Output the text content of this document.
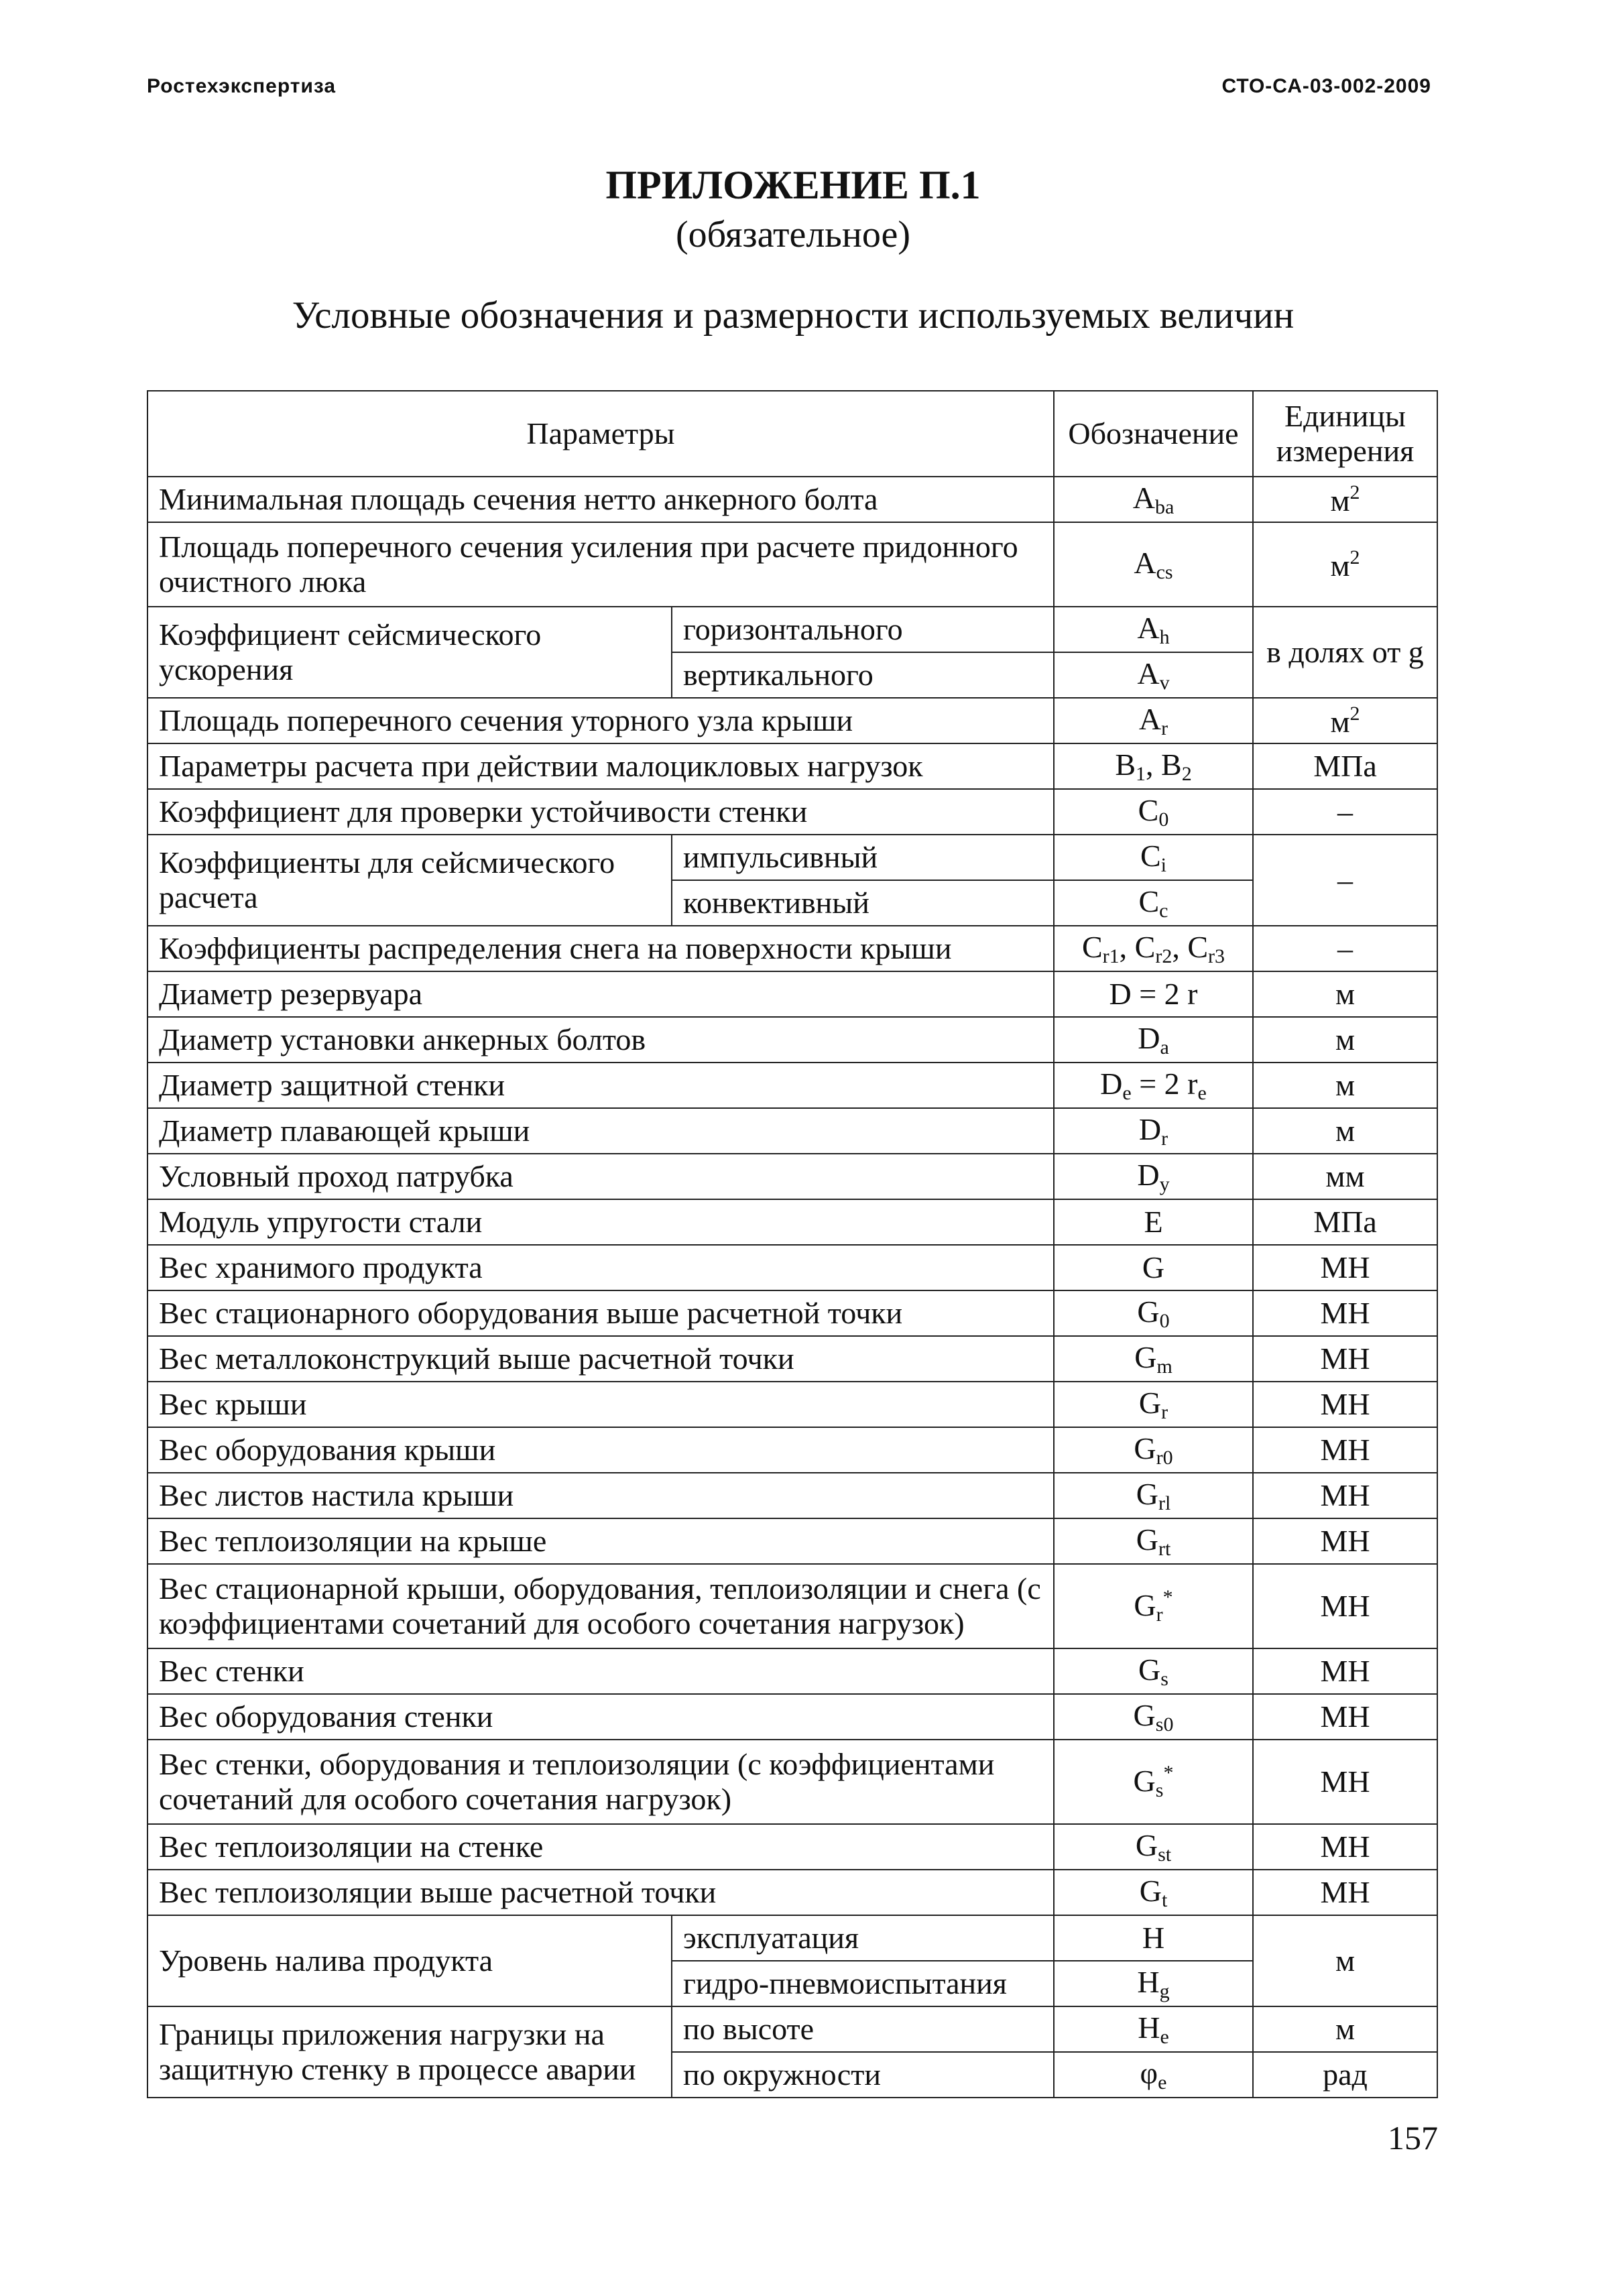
Ростехэкспертиза	СТО-СА-03-002-2009
ПРИЛОЖЕНИЕ П.1
(обязательное)
Условные обозначения и размерности используемых величин
Параметры		Обозначение	Единицы измерения
Минимальная площадь сечения нетто анкерного болта		$A_{ba}$	$м^2$
Площадь поперечного сечения усиления при расчете придонного очистного люка		$A_{cs}$	$м^2$
Коэффициент сейсмического ускорения	горизонтального	$A_h$	в долях от g
	вертикального	$A_v$
Площадь поперечного сечения уторного узла крыши		$A_r$	$м^2$
Параметры расчета при действии малоцикловых нагрузок		$B_1$, $B_2$	МПа
Коэффициент для проверки устойчивости стенки		$C_0$	–
Коэффициенты для сейсмического расчета	импульсивный	$C_i$	–
	конвективный	$C_c$
Коэффициенты распределения снега на поверхности крыши		$C_{r1}$, $C_{r2}$, $C_{r3}$	–
Диаметр резервуара		D = 2 r	м
Диаметр установки анкерных болтов		$D_a$	м
Диаметр защитной стенки		$D_e = 2$ $r_e$	м
Диаметр плавающей крыши		$D_r$	м
Условный проход патрубка		$D_y$	мм
Модуль упругости стали		E	МПа
Вес хранимого продукта		G	МН
Вес стационарного оборудования выше расчетной точки		$G_0$	МН
Вес металлоконструкций выше расчетной точки		$G_m$	МН
Вес крыши		$G_r$	МН
Вес оборудования крыши		$G_{r0}$	МН
Вес листов настила крыши		$G_{rl}$	МН
Вес теплоизоляции на крыше		$G_{rt}$	МН
Вес стационарной крыши, оборудования, теплоизоляции и снега (с коэффициентами сочетаний для особого сочетания нагрузок)		$G_r^*$	МН
Вес стенки		$G_s$	МН
Вес оборудования стенки		$G_{s0}$	МН
Вес стенки, оборудования и теплоизоляции (с коэффициентами сочетаний для особого сочетания нагрузок)		$G_s^*$	МН
Вес теплоизоляции на стенке		$G_{st}$	МН
Вес теплоизоляции выше расчетной точки		$G_t$	МН
Уровень налива продукта	эксплуатация	H	м
	гидро-пневмоиспытания	$H_g$
Границы приложения нагрузки на защитную стенку в процессе аварии	по высоте	$H_e$	м
	по окружности	$\varphi_e$	рад
157
